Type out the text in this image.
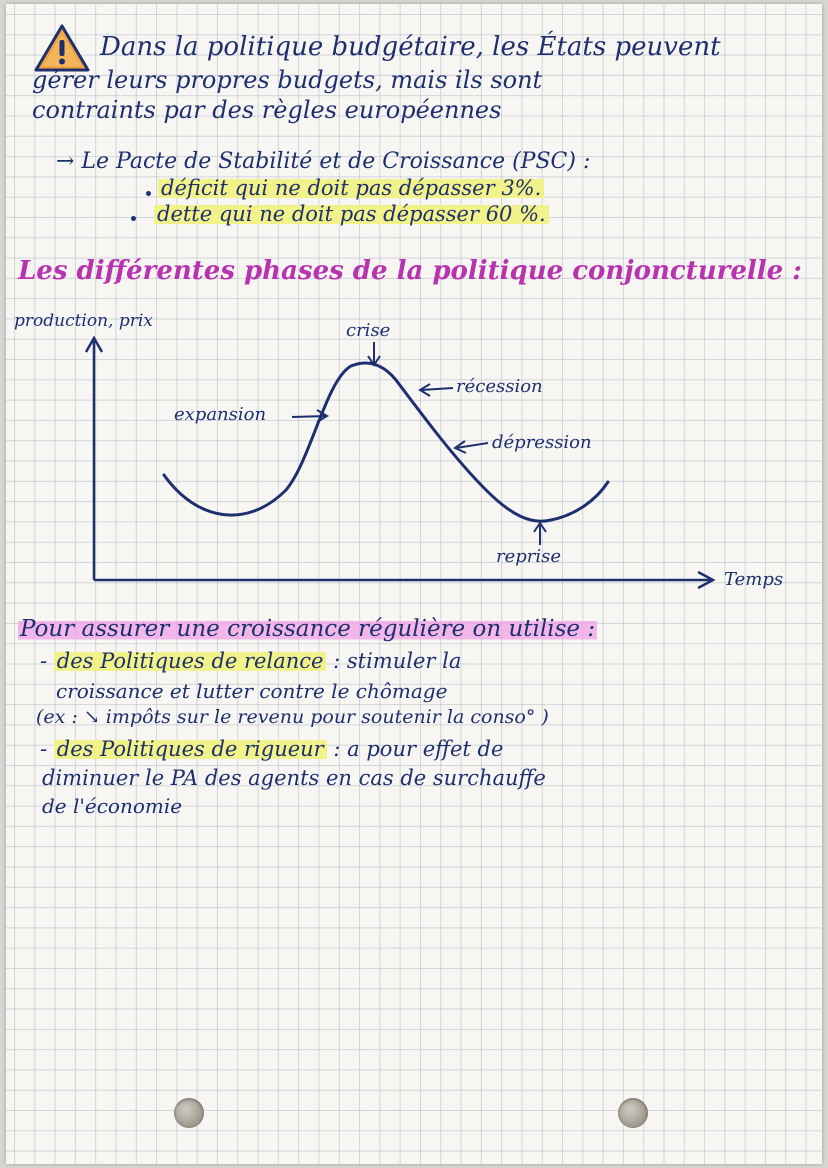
Dans la politique budgétaire, les États peuvent
gérer leurs propres budgets, mais ils sont
contraints par des règles européennes
→ Le Pacte de Stabilité et de Croissance (PSC) :
déficit qui ne doit pas dépasser 3%.
dette qui ne doit pas dépasser 60 %.
Les différentes phases de la politique conjoncturelle :
production, prix
Temps
crise
récession
expansion
dépression
reprise
Pour assurer une croissance régulière on utilise :
- des Politiques de relance : stimuler la
croissance et lutter contre le chômage
(ex : ↘ impôts sur le revenu pour soutenir la conso° )
- des Politiques de rigueur : a pour effet de
diminuer le PA des agents en cas de surchauffe
de l'économie
